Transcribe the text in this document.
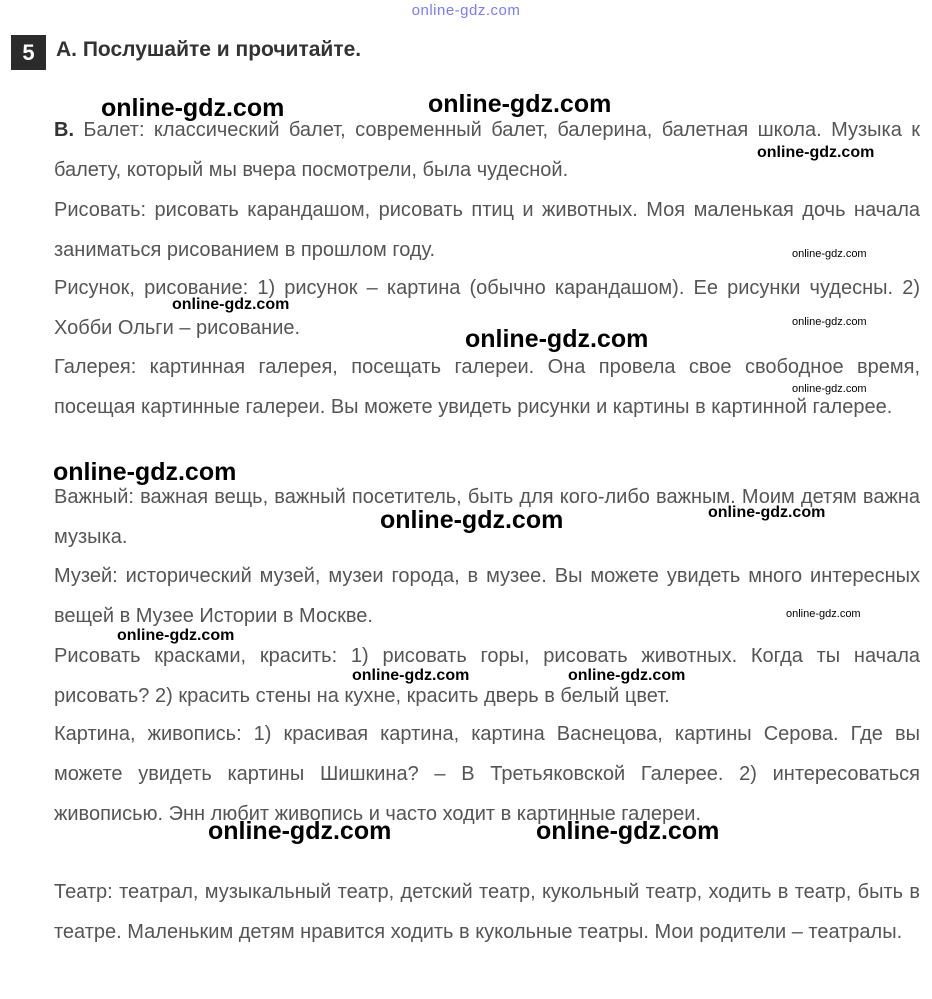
online-gdz.com
5	A. Послушайте и прочитайте.

B. Балет: классический балет, современный балет, балерина, балетная школа. Музыка к балету, который мы вчера посмотрели, была чудесной.

Рисовать: рисовать карандашом, рисовать птиц и животных. Моя маленькая дочь начала заниматься рисованием в прошлом году.

Рисунок, рисование: 1) рисунок – картина (обычно карандашом). Ее рисунки чудесны. 2) Хобби Ольги – рисование.

Галерея: картинная галерея, посещать галереи. Она провела свое свободное время, посещая картинные галереи. Вы можете увидеть рисунки и картины в картинной галерее.

Важный: важная вещь, важный посетитель, быть для кого-либо важным. Моим детям важна музыка.

Музей: исторический музей, музеи города, в музее. Вы можете увидеть много интересных вещей в Музее Истории в Москве.

Рисовать красками, красить: 1) рисовать горы, рисовать животных. Когда ты начала рисовать? 2) красить стены на кухне, красить дверь в белый цвет.

Картина, живопись: 1) красивая картина, картина Васнецова, картины Серова. Где вы можете увидеть картины Шишкина? – В Третьяковской Галерее. 2) интересоваться живописью. Энн любит живопись и часто ходит в картинные галереи.

Театр: театрал, музыкальный театр, детский театр, кукольный театр, ходить в театр, быть в театре. Маленьким детям нравится ходить в кукольные театры. Мои родители – театралы.

online-gdz.com	online-gdz.com
online-gdz.com
online-gdz.com
online-gdz.com
online-gdz.com
online-gdz.com
online-gdz.com
online-gdz.com
online-gdz.com
online-gdz.com
online-gdz.com
online-gdz.com
online-gdz.com	online-gdz.com
online-gdz.com	online-gdz.com
